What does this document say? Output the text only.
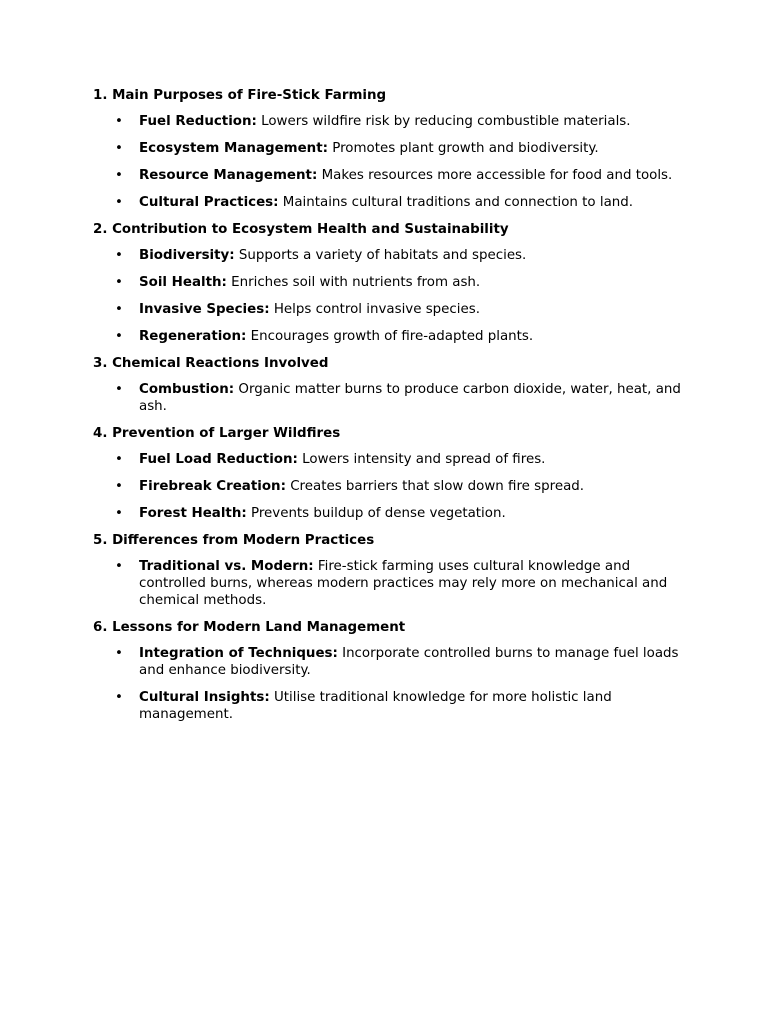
1. Main Purposes of Fire-Stick Farming
• Fuel Reduction: Lowers wildfire risk by reducing combustible materials.
• Ecosystem Management: Promotes plant growth and biodiversity.
• Resource Management: Makes resources more accessible for food and tools.
• Cultural Practices: Maintains cultural traditions and connection to land.
2. Contribution to Ecosystem Health and Sustainability
• Biodiversity: Supports a variety of habitats and species.
• Soil Health: Enriches soil with nutrients from ash.
• Invasive Species: Helps control invasive species.
• Regeneration: Encourages growth of fire-adapted plants.
3. Chemical Reactions Involved
• Combustion: Organic matter burns to produce carbon dioxide, water, heat, and ash.
4. Prevention of Larger Wildfires
• Fuel Load Reduction: Lowers intensity and spread of fires.
• Firebreak Creation: Creates barriers that slow down fire spread.
• Forest Health: Prevents buildup of dense vegetation.
5. Differences from Modern Practices
• Traditional vs. Modern: Fire-stick farming uses cultural knowledge and controlled burns, whereas modern practices may rely more on mechanical and chemical methods.
6. Lessons for Modern Land Management
• Integration of Techniques: Incorporate controlled burns to manage fuel loads and enhance biodiversity.
• Cultural Insights: Utilise traditional knowledge for more holistic land management.
